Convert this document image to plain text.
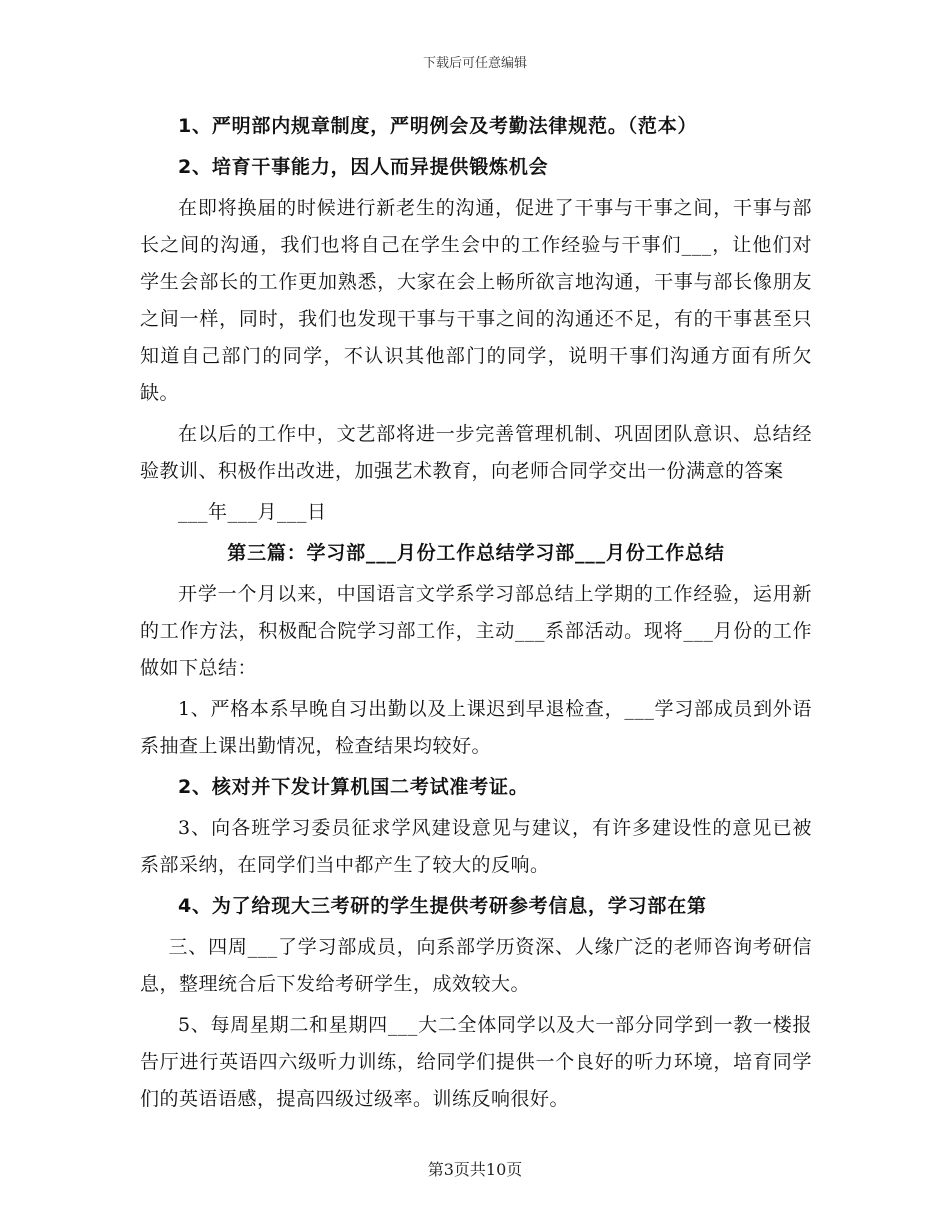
下载后可任意编辑

1、严明部内规章制度，严明例会及考勤法律规范。（范本）

2、培育干事能力，因人而异提供锻炼机会

在即将换届的时候进行新老生的沟通，促进了干事与干事之间，干事与部长之间的沟通，我们也将自己在学生会中的工作经验与干事们___，让他们对学生会部长的工作更加熟悉，大家在会上畅所欲言地沟通，干事与部长像朋友之间一样，同时，我们也发现干事与干事之间的沟通还不足，有的干事甚至只知道自己部门的同学，不认识其他部门的同学，说明干事们沟通方面有所欠缺。

在以后的工作中，文艺部将进一步完善管理机制、巩固团队意识、总结经验教训、积极作出改进，加强艺术教育，向老师合同学交出一份满意的答案

___年___月___日

第三篇：学习部___月份工作总结学习部___月份工作总结

开学一个月以来，中国语言文学系学习部总结上学期的工作经验，运用新的工作方法，积极配合院学习部工作，主动___系部活动。现将___月份的工作做如下总结：

1、严格本系早晚自习出勤以及上课迟到早退检查，___学习部成员到外语系抽查上课出勤情况，检查结果均较好。

2、核对并下发计算机国二考试准考证。

3、向各班学习委员征求学风建设意见与建议，有许多建设性的意见已被系部采纳，在同学们当中都产生了较大的反响。

4、为了给现大三考研的学生提供考研参考信息，学习部在第

三、四周___了学习部成员，向系部学历资深、人缘广泛的老师咨询考研信息，整理统合后下发给考研学生，成效较大。

5、每周星期二和星期四___大二全体同学以及大一部分同学到一教一楼报告厅进行英语四六级听力训练，给同学们提供一个良好的听力环境，培育同学们的英语语感，提高四级过级率。训练反响很好。

第3页共10页
